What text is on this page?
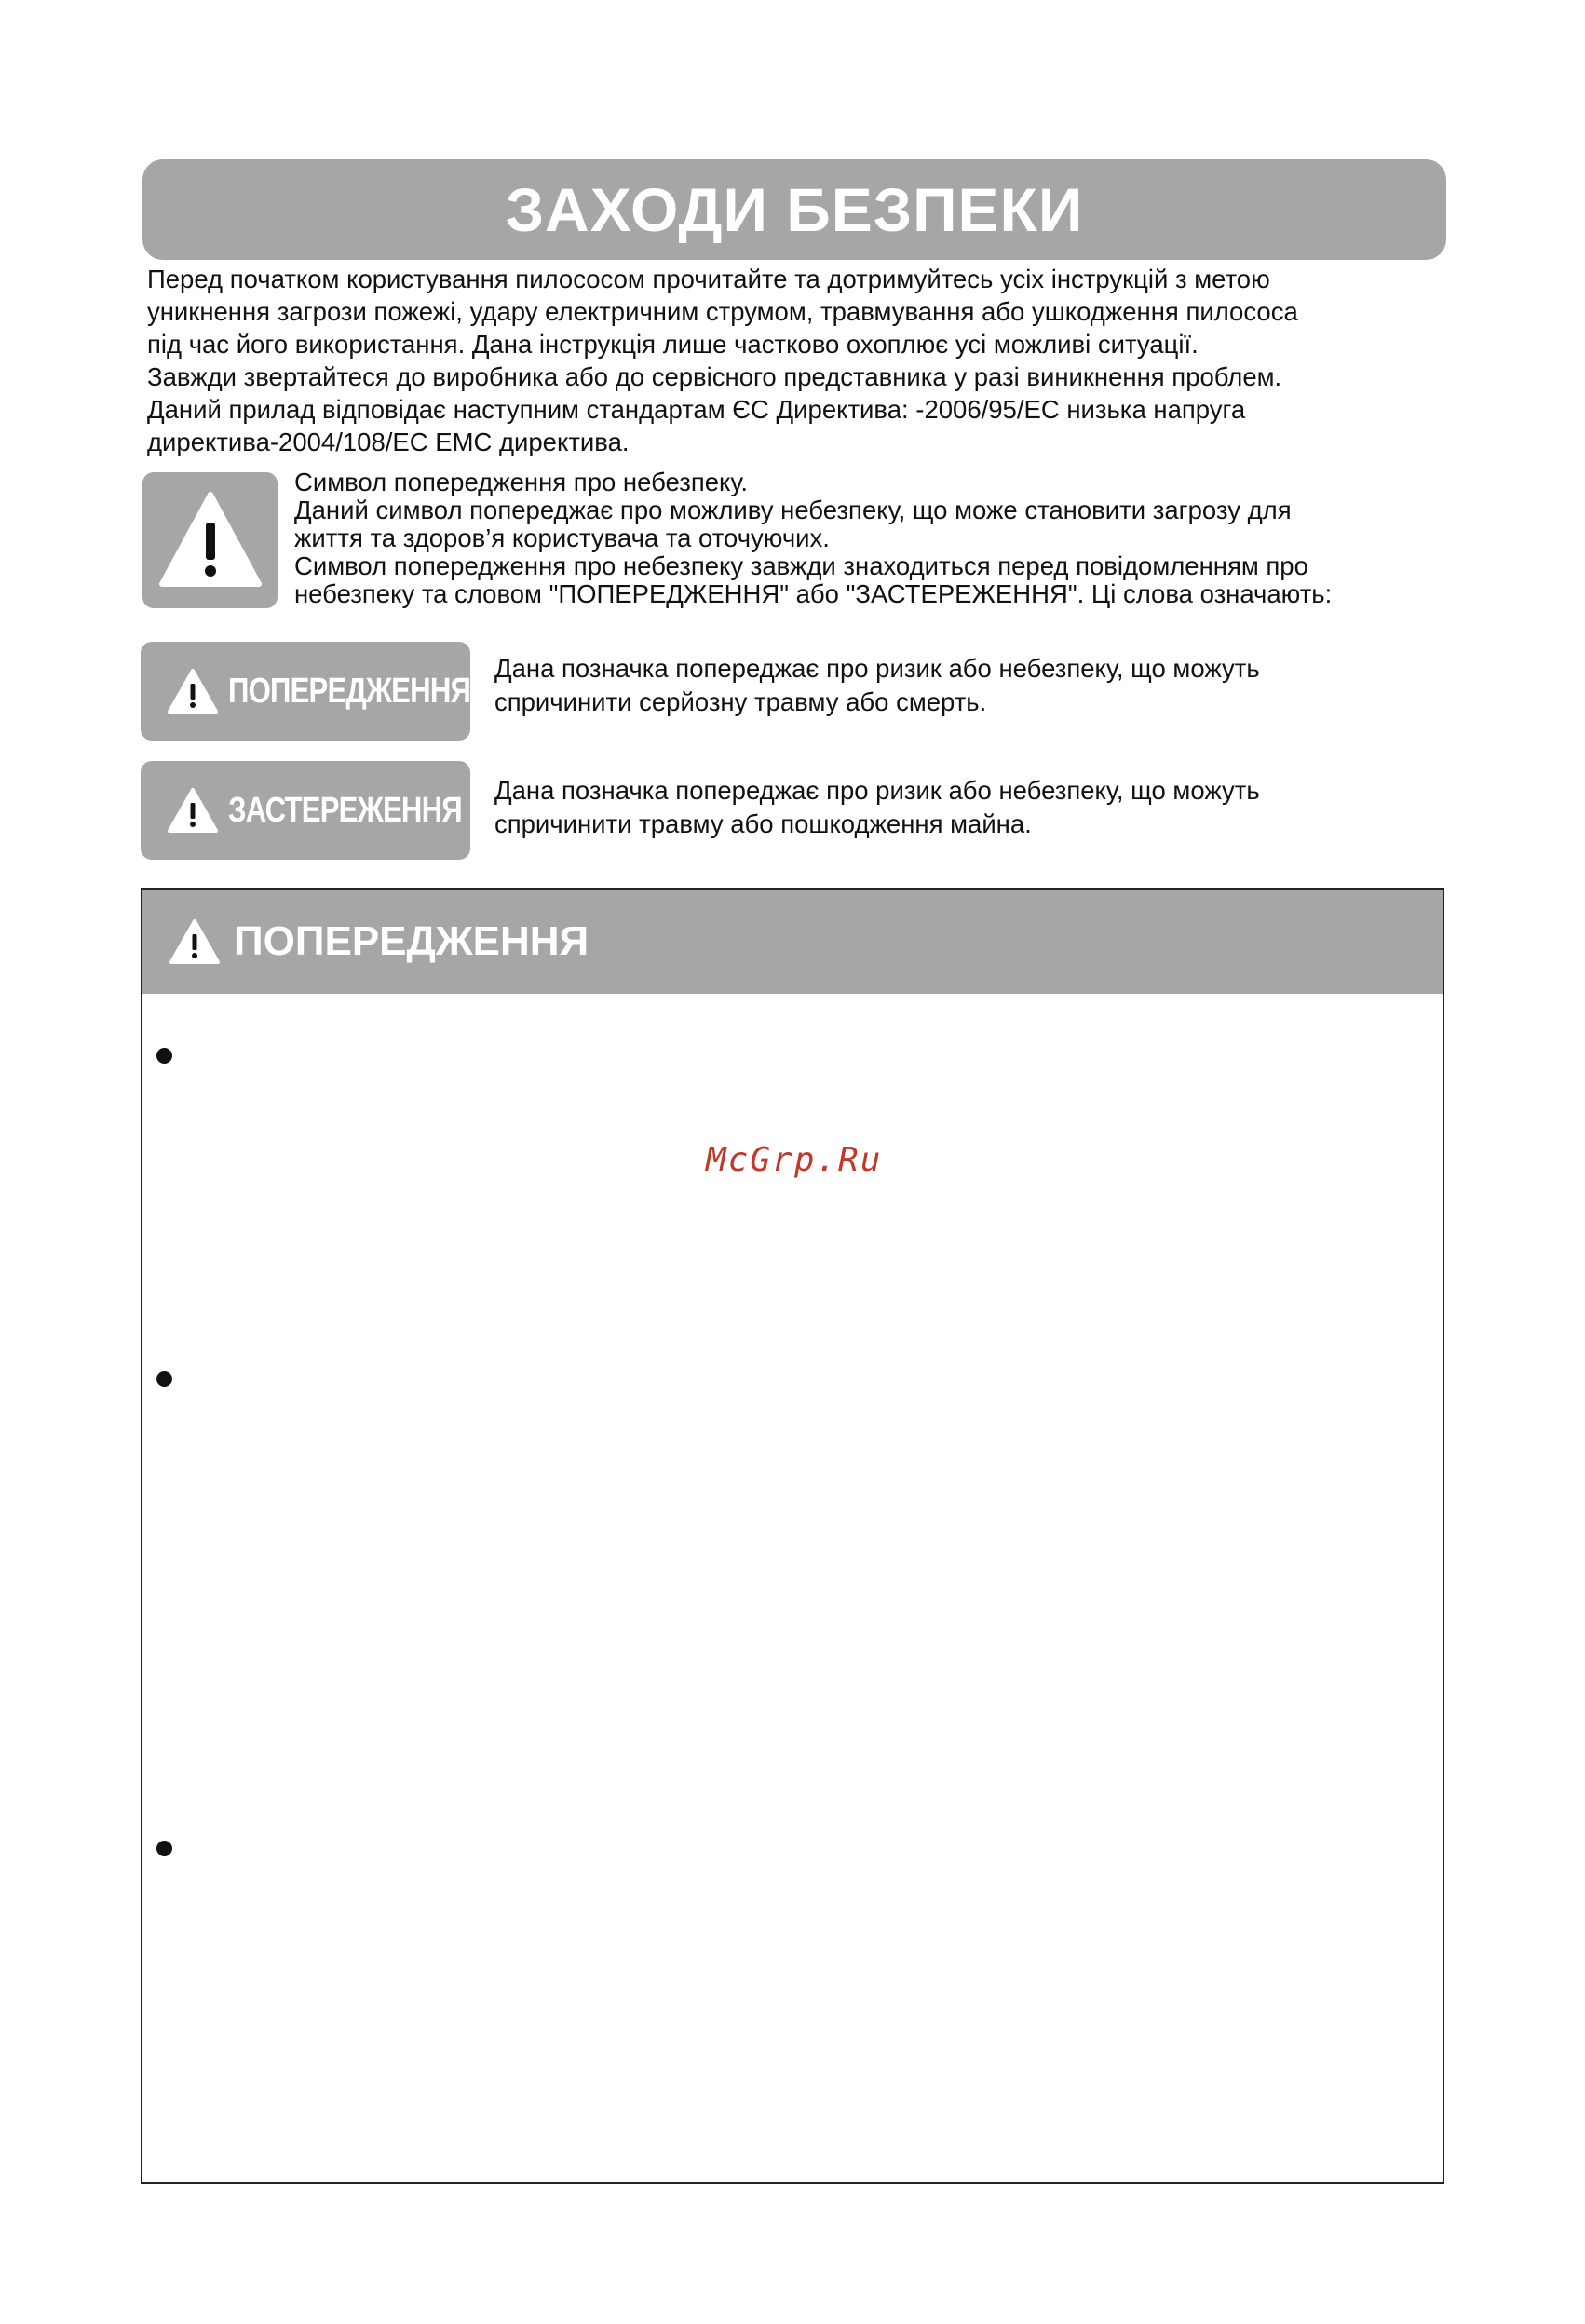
ЗАХОДИ БЕЗПЕКИ
Перед початком користування пилососом прочитайте та дотримуйтесь усіх інструкцій з метою
уникнення загрози пожежі, удару електричним струмом, травмування або ушкодження пилососа
під час його використання. Дана інструкція лише частково охоплює усі можливі ситуації.
Завжди звертайтеся до виробника або до сервісного представника у разі виникнення проблем.
Даний прилад відповідає наступним стандартам ЄС Директива: -2006/95/ЕС низька напруга
директива-2004/108/ЕС ЕМС директива.
Символ попередження про небезпеку.
Даний символ попереджає про можливу небезпеку, що може становити загрозу для
життя та здоров’я користувача та оточуючих.
Символ попередження про небезпеку завжди знаходиться перед повідомленням про
небезпеку та словом "ПОПЕРЕДЖЕННЯ" або "ЗАСТЕРЕЖЕННЯ". Ці слова означають:
ПОПЕРЕДЖЕННЯ
Дана позначка попереджає про ризик або небезпеку, що можуть
спричинити серйозну травму або смерть.
ЗАСТЕРЕЖЕННЯ Дана позначка попереджає про ризик або небезпеку, що можуть
спричинити травму або пошкодження майна.
ПОПЕРЕДЖЕННЯ
McGrp.Ru
